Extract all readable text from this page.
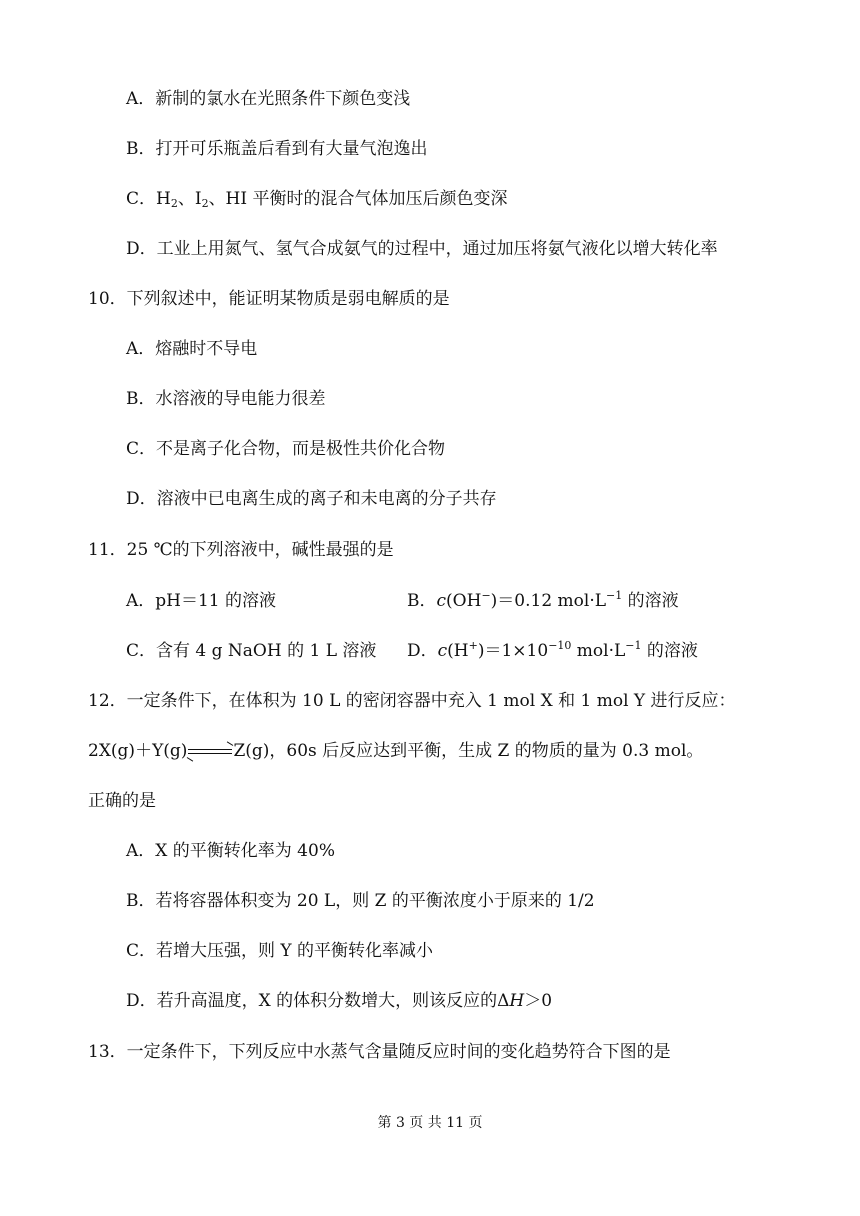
A．新制的氯水在光照条件下颜色变浅
B．打开可乐瓶盖后看到有大量气泡逸出
C．$H_2$、$I_2$、HI 平衡时的混合气体加压后颜色变深
D．工业上用氮气、氢气合成氨气的过程中，通过加压将氨气液化以增大转化率
10．下列叙述中，能证明某物质是弱电解质的是
A．熔融时不导电
B．水溶液的导电能力很差
C．不是离子化合物，而是极性共价化合物
D．溶液中已电离生成的离子和未电离的分子共存
11．25 ℃的下列溶液中，碱性最强的是
A．pH＝11 的溶液	B．c(OH−)＝0.12 $mol\cdot L^{-1}$ 的溶液
C．含有 4 g NaOH 的 1 L 溶液 D．$c(H^+)=1\times 10^{-10}$ $mol\cdot L^{-1}$ 的溶液
12．一定条件下，在体积为 10 L 的密闭容器中充入 1 mol X 和 1 mol Y 进行反应：
2X(g)＋Y(g)⇌Z(g)，60s 后反应达到平衡，生成 Z 的物质的量为 0.3 mol。
正确的是
A．X 的平衡转化率为 40%
B．若将容器体积变为 20 L，则 Z 的平衡浓度小于原来的 1/2
C．若增大压强，则 Y 的平衡转化率减小
D．若升高温度，X 的体积分数增大，则该反应的ΔH＞0
13．一定条件下，下列反应中水蒸气含量随反应时间的变化趋势符合下图的是
第 3 页 共 11 页
